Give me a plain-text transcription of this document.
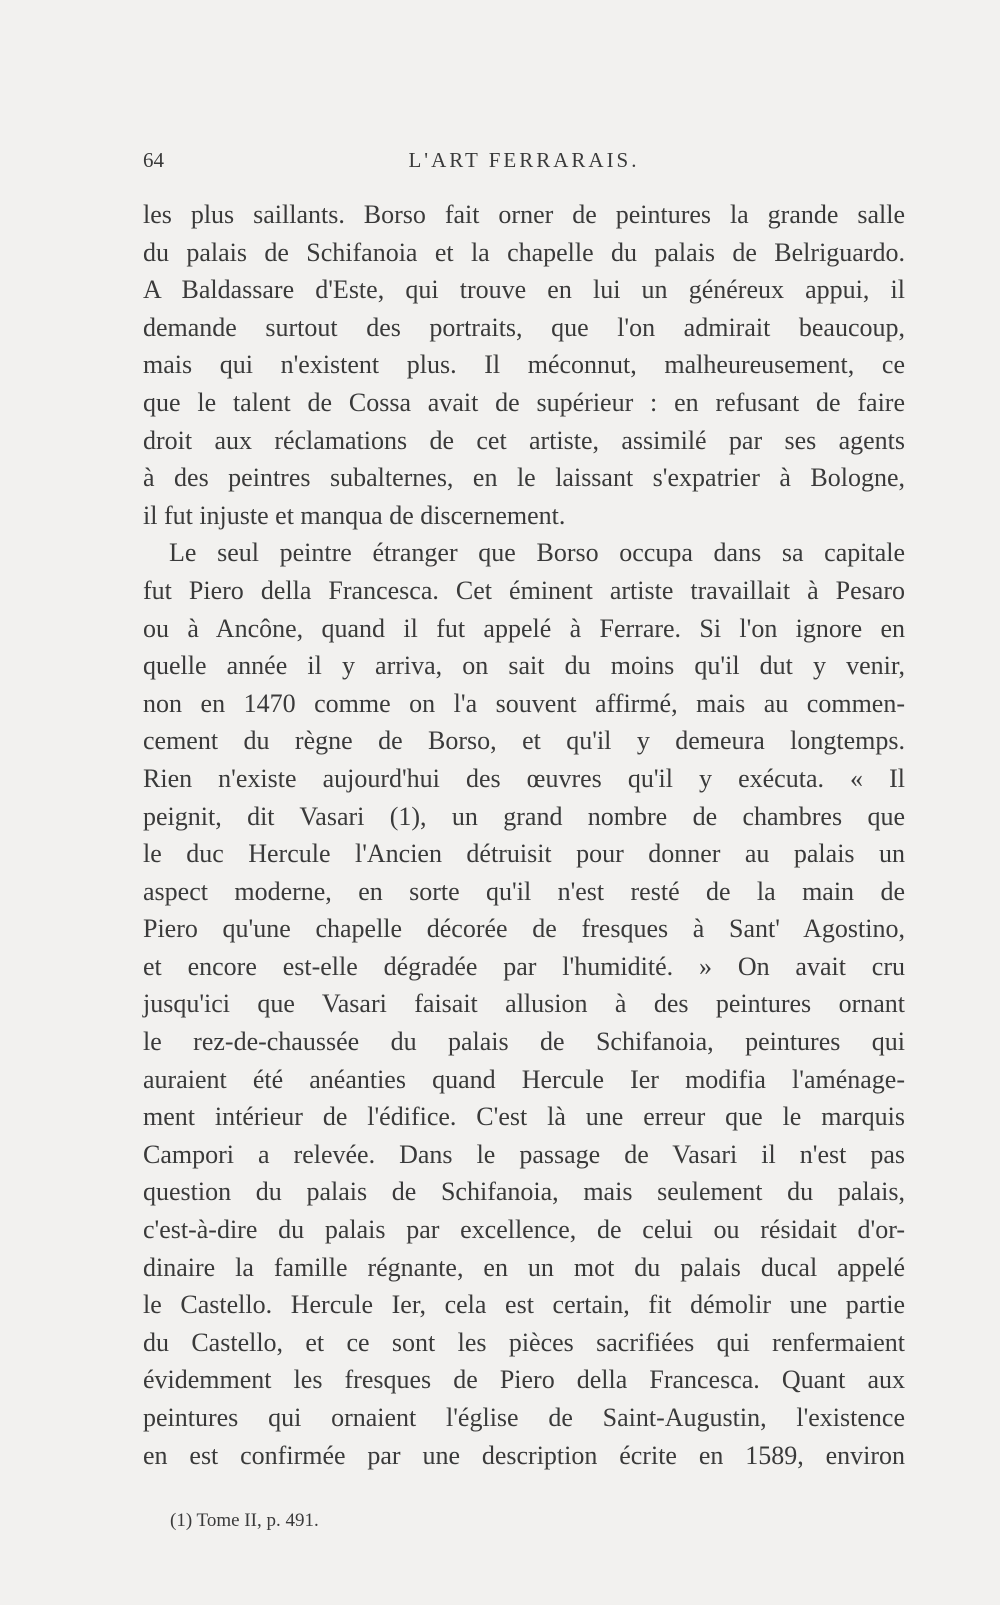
64	L'ART FERRARAIS.
les plus saillants. Borso fait orner de peintures la grande salle
du palais de Schifanoia et la chapelle du palais de Belriguardo.
A Baldassare d'Este, qui trouve en lui un généreux appui, il
demande surtout des portraits, que l'on admirait beaucoup,
mais qui n'existent plus. Il méconnut, malheureusement, ce
que le talent de Cossa avait de supérieur : en refusant de faire
droit aux réclamations de cet artiste, assimilé par ses agents
à des peintres subalternes, en le laissant s'expatrier à Bologne,
il fut injuste et manqua de discernement.
Le seul peintre étranger que Borso occupa dans sa capitale
fut Piero della Francesca. Cet éminent artiste travaillait à Pesaro
ou à Ancône, quand il fut appelé à Ferrare. Si l'on ignore en
quelle année il y arriva, on sait du moins qu'il dut y venir,
non en 1470 comme on l'a souvent affirmé, mais au commen-
cement du règne de Borso, et qu'il y demeura longtemps.
Rien n'existe aujourd'hui des œuvres qu'il y exécuta. « Il
peignit, dit Vasari (1), un grand nombre de chambres que
le duc Hercule l'Ancien détruisit pour donner au palais un
aspect moderne, en sorte qu'il n'est resté de la main de
Piero qu'une chapelle décorée de fresques à Sant' Agostino,
et encore est-elle dégradée par l'humidité. » On avait cru
jusqu'ici que Vasari faisait allusion à des peintures ornant
le rez-de-chaussée du palais de Schifanoia, peintures qui
auraient été anéanties quand Hercule Ier modifia l'aménage-
ment intérieur de l'édifice. C'est là une erreur que le marquis
Campori a relevée. Dans le passage de Vasari il n'est pas
question du palais de Schifanoia, mais seulement du palais,
c'est-à-dire du palais par excellence, de celui ou résidait d'or-
dinaire la famille régnante, en un mot du palais ducal appelé
le Castello. Hercule Ier, cela est certain, fit démolir une partie
du Castello, et ce sont les pièces sacrifiées qui renfermaient
évidemment les fresques de Piero della Francesca. Quant aux
peintures qui ornaient l'église de Saint-Augustin, l'existence
en est confirmée par une description écrite en 1589, environ
(1) Tome II, p. 491.
